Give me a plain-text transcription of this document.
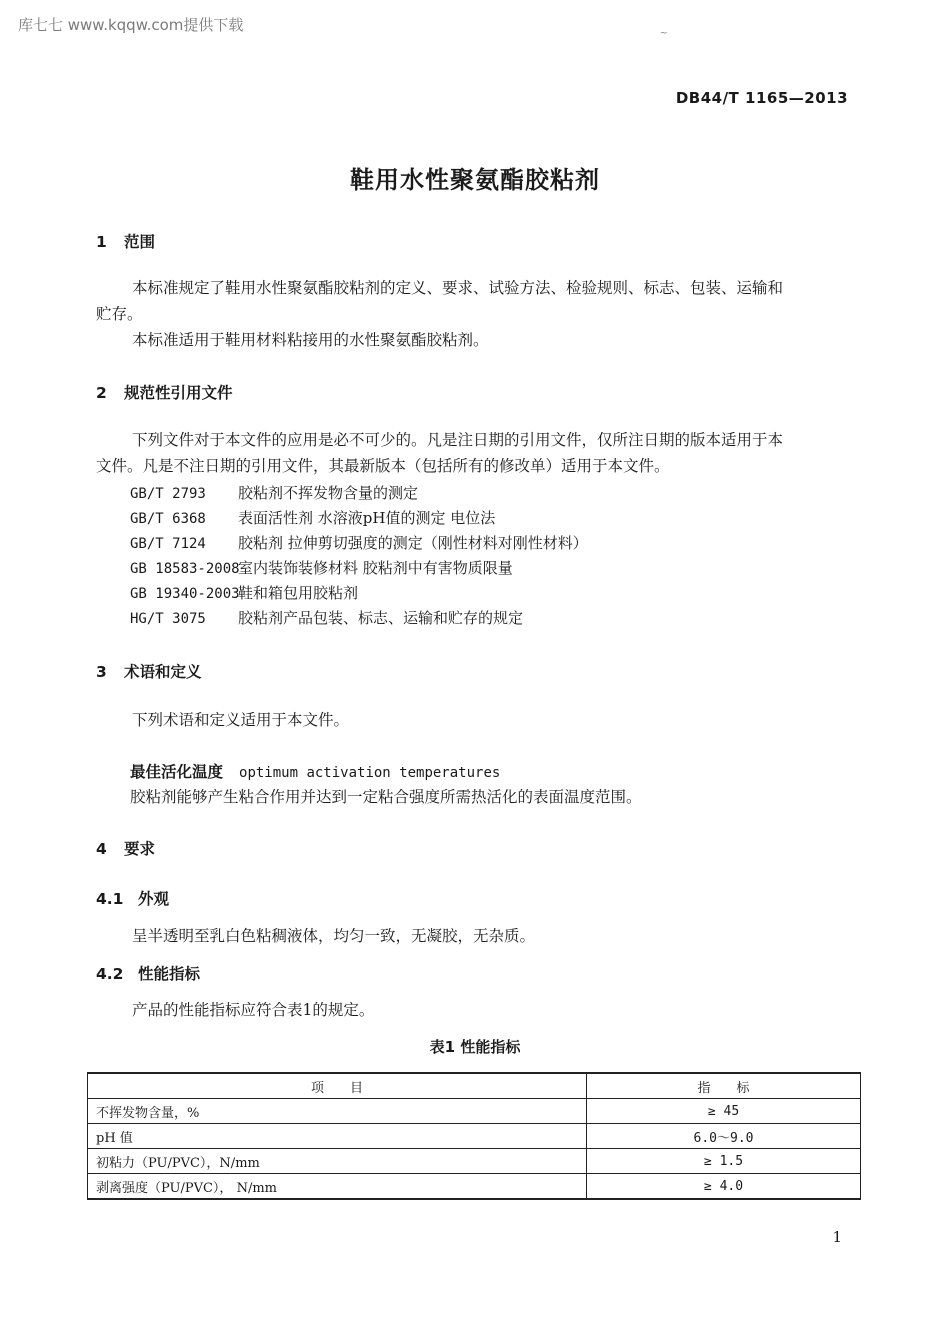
库七七 www.kqqw.com提供下载	~
DB44/T 1165—2013
鞋用水性聚氨酯胶粘剂
1 范围
本标准规定了鞋用水性聚氨酯胶粘剂的定义、要求、试验方法、检验规则、标志、包装、运输和
贮存。
本标准适用于鞋用材料粘接用的水性聚氨酯胶粘剂。
2 规范性引用文件
下列文件对于本文件的应用是必不可少的。凡是注日期的引用文件，仅所注日期的版本适用于本
文件。凡是不注日期的引用文件，其最新版本（包括所有的修改单）适用于本文件。
GB/T 2793 胶粘剂不挥发物含量的测定
GB/T 6368 表面活性剂 水溶液pH值的测定 电位法
GB/T 7124 胶粘剂 拉伸剪切强度的测定（刚性材料对刚性材料）
GB 18583-2008室内装饰装修材料 胶粘剂中有害物质限量
GB 19340-2003鞋和箱包用胶粘剂
HG/T 3075 胶粘剂产品包装、标志、运输和贮存的规定
3 术语和定义
下列术语和定义适用于本文件。
最佳活化温度 optimum activation temperatures
胶粘剂能够产生粘合作用并达到一定粘合强度所需热活化的表面温度范围。
4 要求
4.1 外观
呈半透明至乳白色粘稠液体，均匀一致，无凝胶，无杂质。
4.2 性能指标
产品的性能指标应符合表1的规定。
表1 性能指标
项　　目	指　　标
不挥发物含量，%	≥ 45
pH 值	6.0～9.0
初粘力（PU/PVC），N/mm	≥ 1.5
剥离强度（PU/PVC）， N/mm	≥ 4.0
1
